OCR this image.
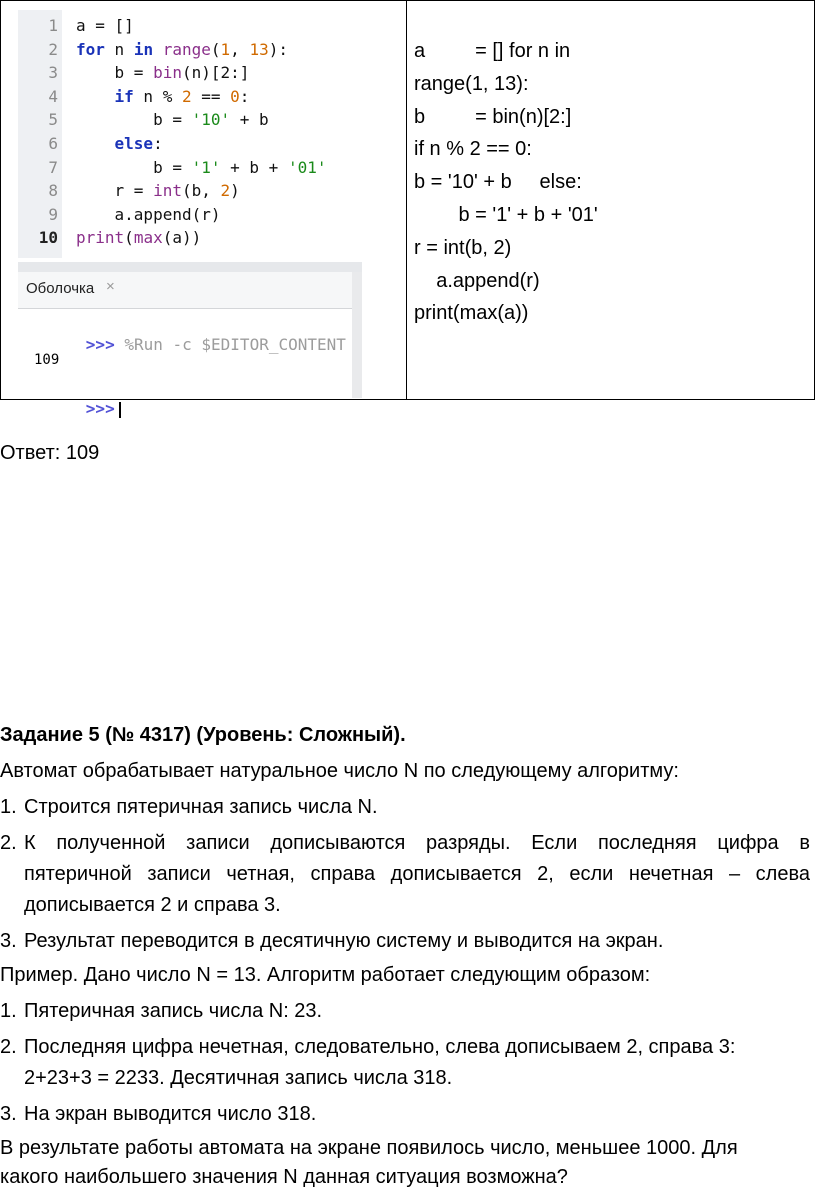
1 a = []
2 for n in range(1, 13):
3 b = bin(n)[2:]
4	if n % 2 == 0:
5 b = '10' + b
6	else:
7 b = '1' + b + '01'
8 r = int(b, 2)
9 a.append(r)
10 print(max(a))
Оболочка ×

>>> %Run -c $EDITOR_CONTENT

109

>>>

a         = [] for n in
range(1, 13):
b         = bin(n)[2:]
if n % 2 == 0:
b = '10' + b     else:
b = '1' + b + '01'
r = int(b, 2)
a.append(r)
print(max(a))
Ответ: 109
Задание 5 (№ 4317) (Уровень: Сложный).
Автомат обрабатывает натуральное число N по следующему алгоритму:
1. Строится пятеричная запись числа N.
2. К полученной записи дописываются разряды. Если последняя цифра в
пятеричной записи четная, справа дописывается 2, если нечетная – слева
дописывается 2 и справа 3.
3. Результат переводится в десятичную систему и выводится на экран.
Пример. Дано число N = 13. Алгоритм работает следующим образом:
1. Пятеричная запись числа N: 23.
2. Последняя цифра нечетная, следовательно, слева дописываем 2, справа 3:
2+23+3 = 2233. Десятичная запись числа 318.
3. На экран выводится число 318.
В результате работы автомата на экране появилось число, меньшее 1000. Для
какого наибольшего значения N данная ситуация возможна?
